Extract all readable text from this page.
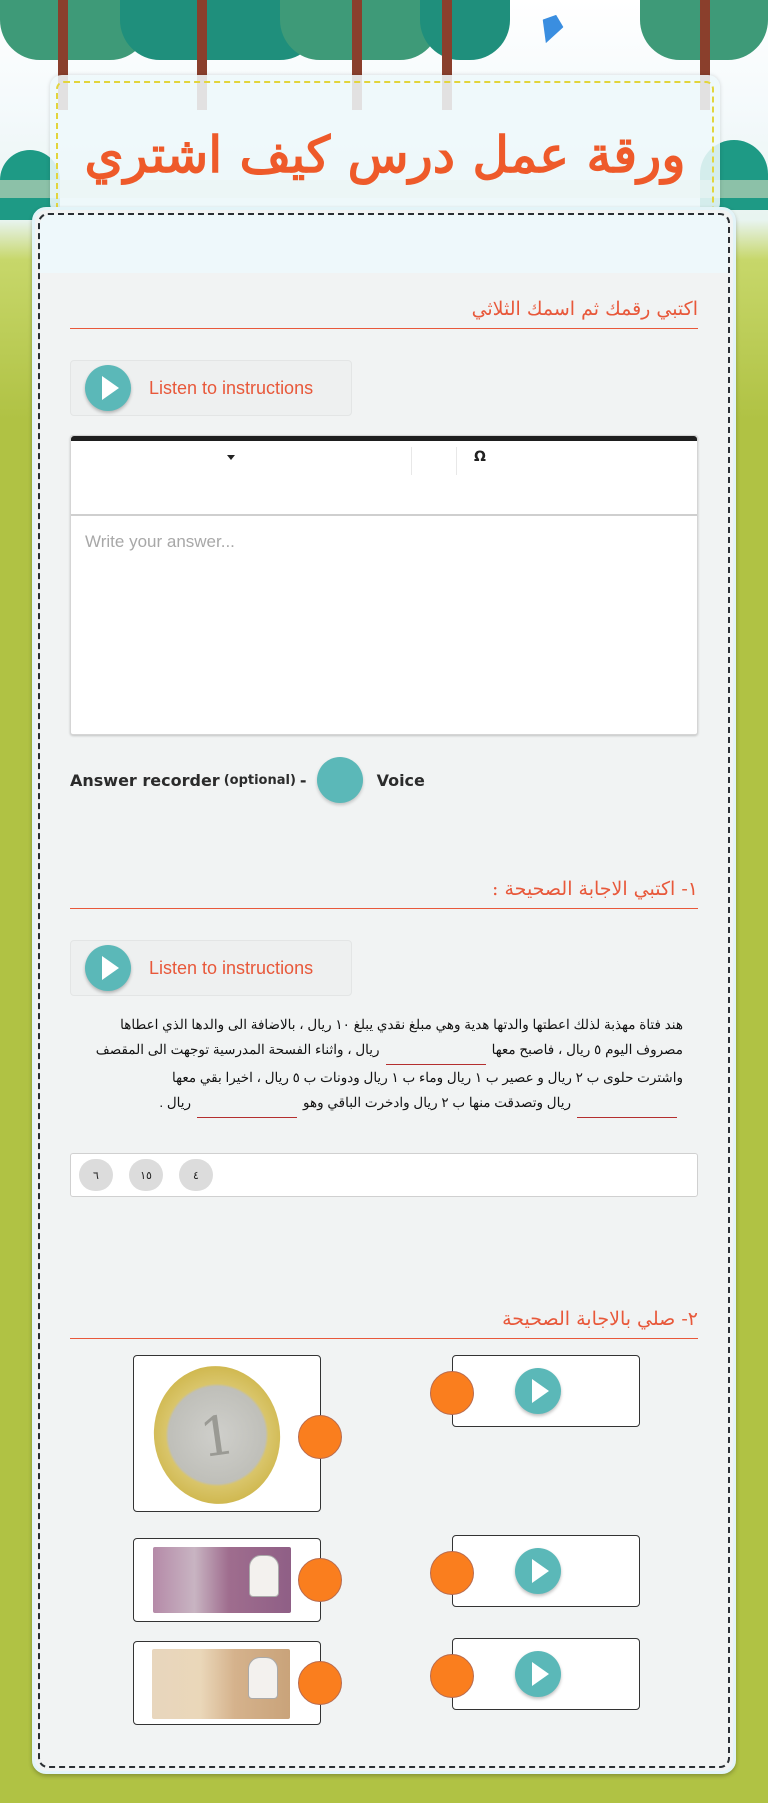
ورقة عمل درس كيف اشتري
اكتبي رقمك ثم اسمك الثلاثي
Listen to instructions
Ω
Write your answer...
Answer recorder (optional) -	Voice
١- اكتبي الاجابة الصحيحة :
Listen to instructions
هند فتاة مهذبة لذلك اعطتها والدتها هدية وهي مبلغ نقدي يبلغ ١٠ ريال ، بالاضافة الى والدها الذي اعطاها
مصروف اليوم ٥ ريال ، فاصبح معهاريال ، واثناء الفسحة المدرسية توجهت الى المقصف
واشترت حلوى ب ٢ ريال و عصير ب ١ ريال وماء ب ١ ريال ودونات ب ٥ ريال ، اخيرا بقي معها
ريال وتصدقت منها ب ٢ ريال وادخرت الباقي وهوريال .
٦	١٥	٤
٢- صلي بالاجابة الصحيحة
1
